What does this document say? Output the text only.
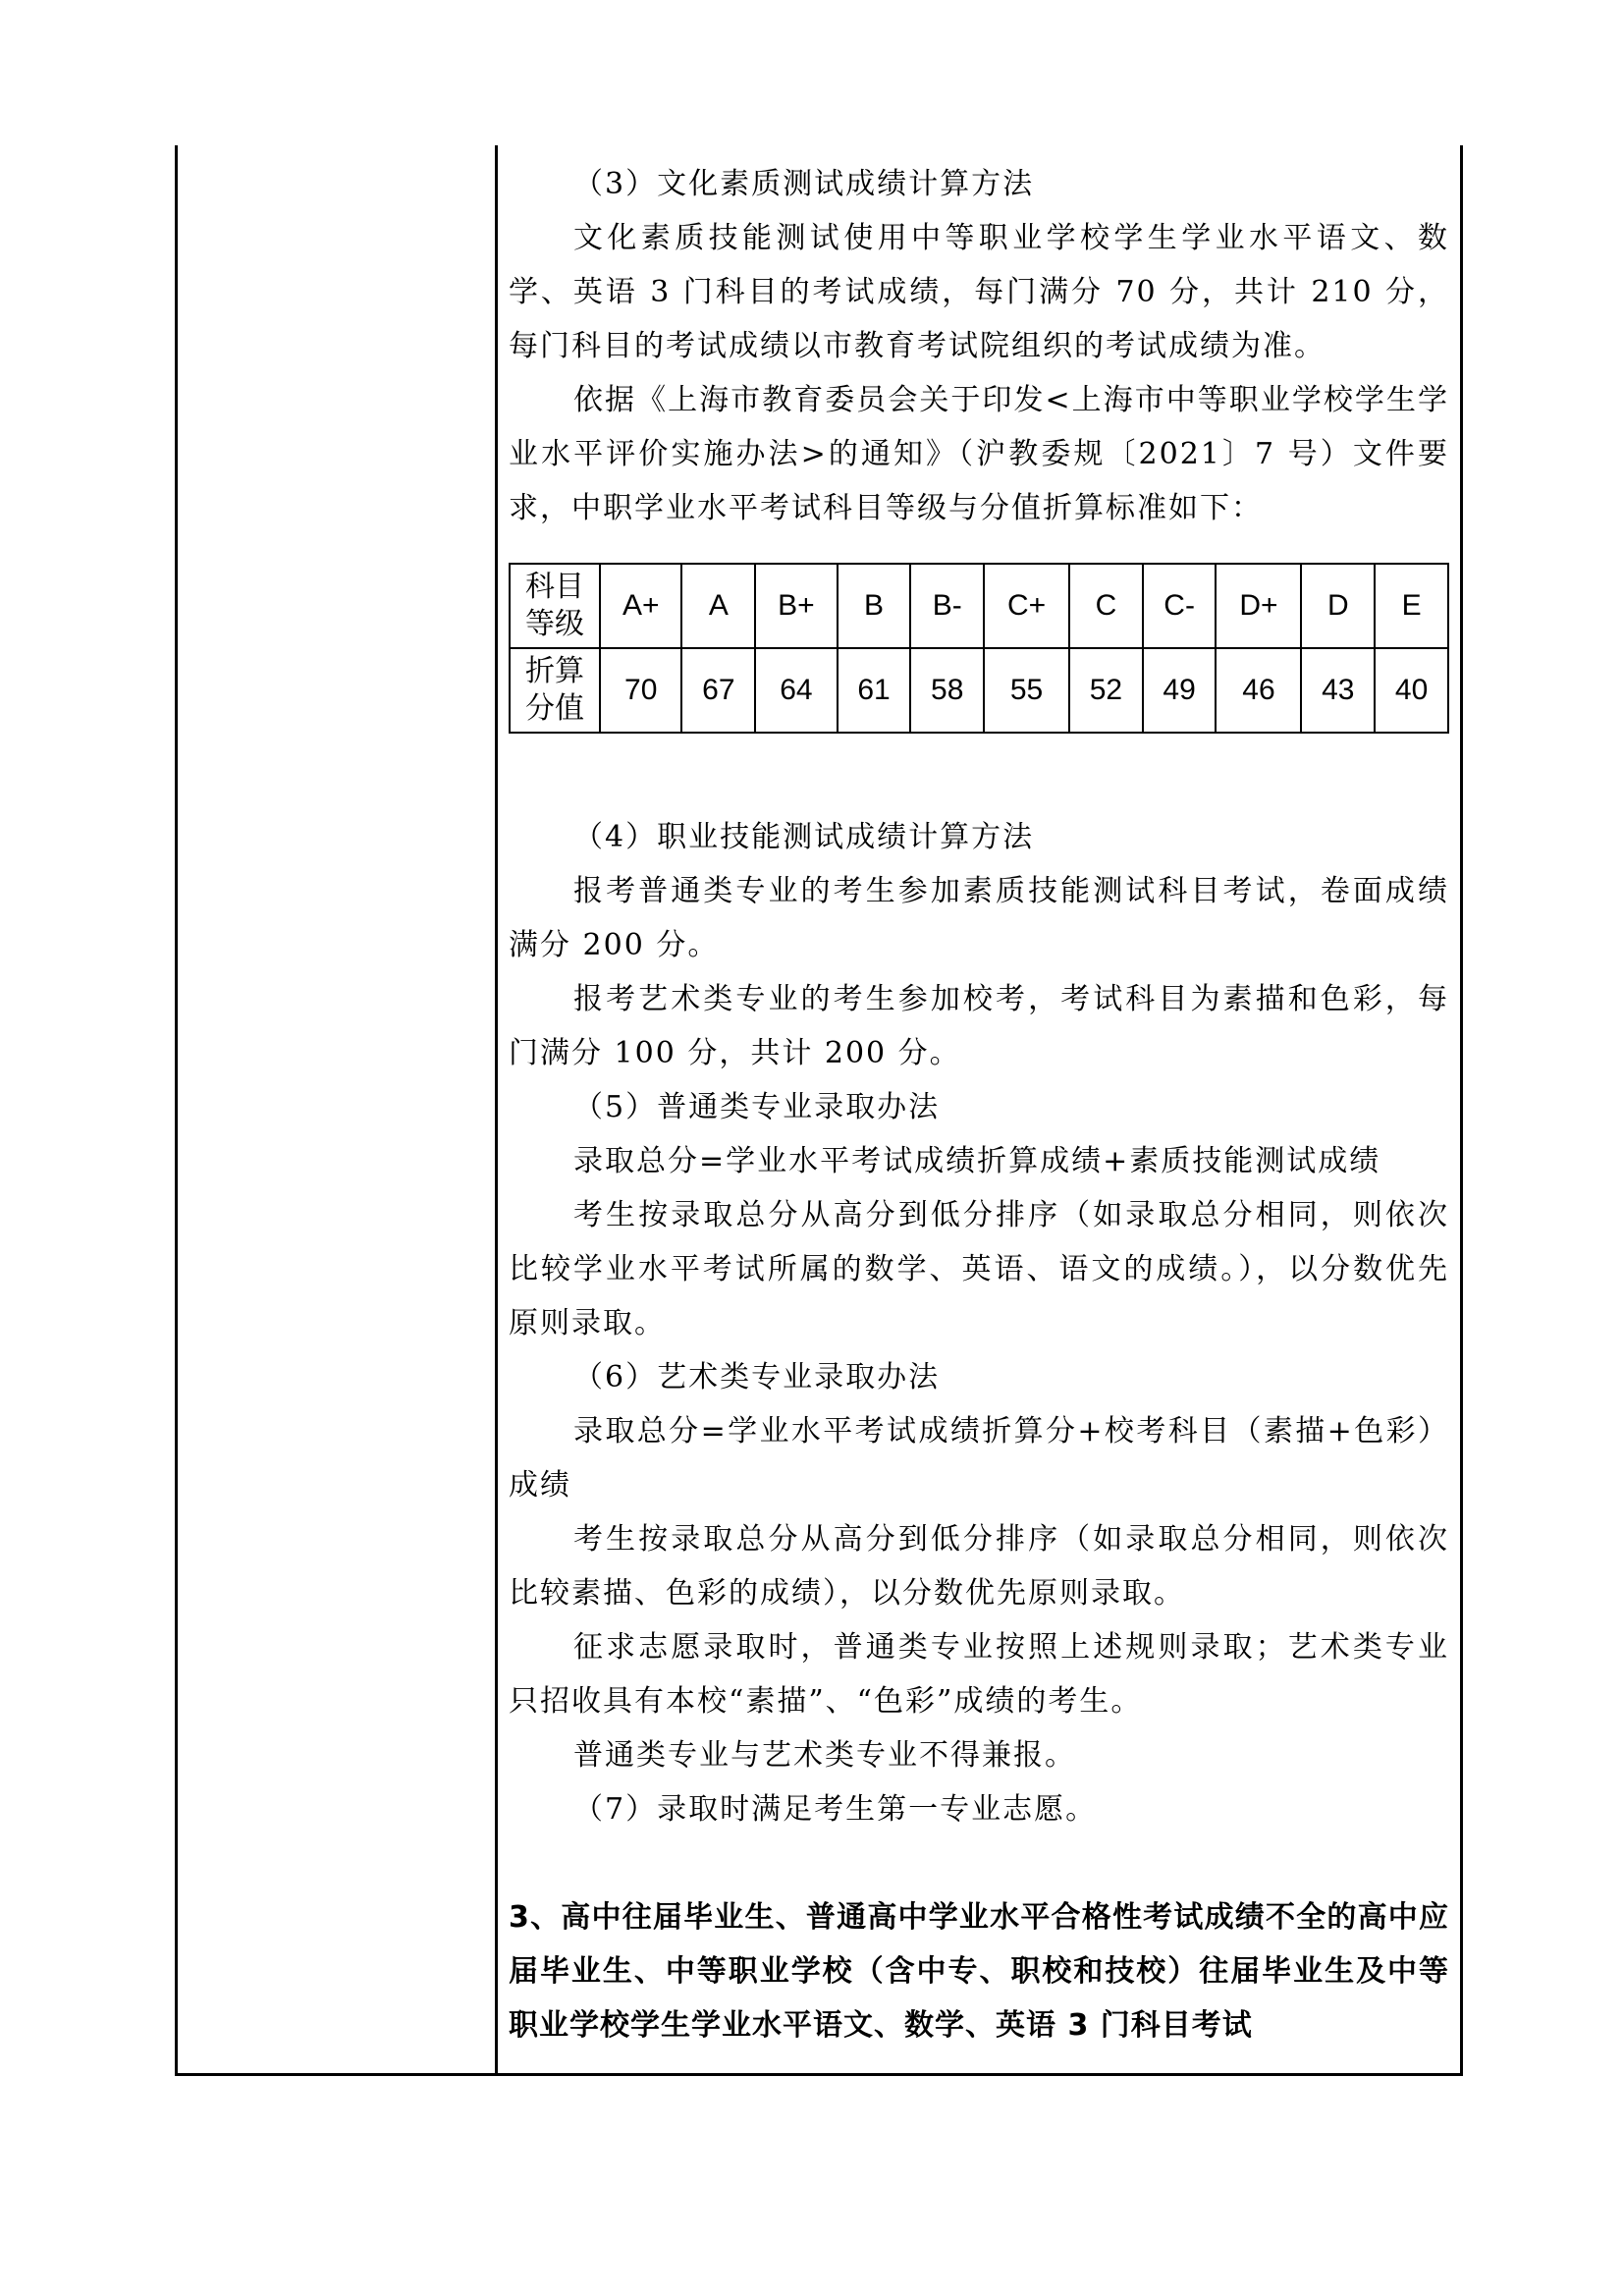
（3）文化素质测试成绩计算方法

文化素质技能测试使用中等职业学校学生学业水平语文、数学、英语 3 门科目的考试成绩，每门满分 70 分，共计 210 分，每门科目的考试成绩以市教育考试院组织的考试成绩为准。

依据《上海市教育委员会关于印发<上海市中等职业学校学生学业水平评价实施办法>的通知》（沪教委规〔2021〕7 号）文件要求，中职学业水平考试科目等级与分值折算标准如下：

科目
等级	A+	A	B+	B	B-	C+	C	C-	D+	D	E
折算
分值	70	67	64	61	58	55	52	49	46	43	40

（4）职业技能测试成绩计算方法

报考普通类专业的考生参加素质技能测试科目考试，卷面成绩满分 200 分。

报考艺术类专业的考生参加校考，考试科目为素描和色彩，每门满分 100 分，共计 200 分。

（5）普通类专业录取办法

录取总分=学业水平考试成绩折算成绩+素质技能测试成绩

考生按录取总分从高分到低分排序（如录取总分相同，则依次比较学业水平考试所属的数学、英语、语文的成绩。），以分数优先原则录取。

（6）艺术类专业录取办法

录取总分=学业水平考试成绩折算分+校考科目（素描+色彩）成绩

考生按录取总分从高分到低分排序（如录取总分相同，则依次比较素描、色彩的成绩），以分数优先原则录取。

征求志愿录取时，普通类专业按照上述规则录取；艺术类专业只招收具有本校“素描”、“色彩”成绩的考生。

普通类专业与艺术类专业不得兼报。

（7）录取时满足考生第一专业志愿。

3、高中往届毕业生、普通高中学业水平合格性考试成绩不全的高中应届毕业生、中等职业学校（含中专、职校和技校）往届毕业生及中等职业学校学生学业水平语文、数学、英语 3 门科目考试
